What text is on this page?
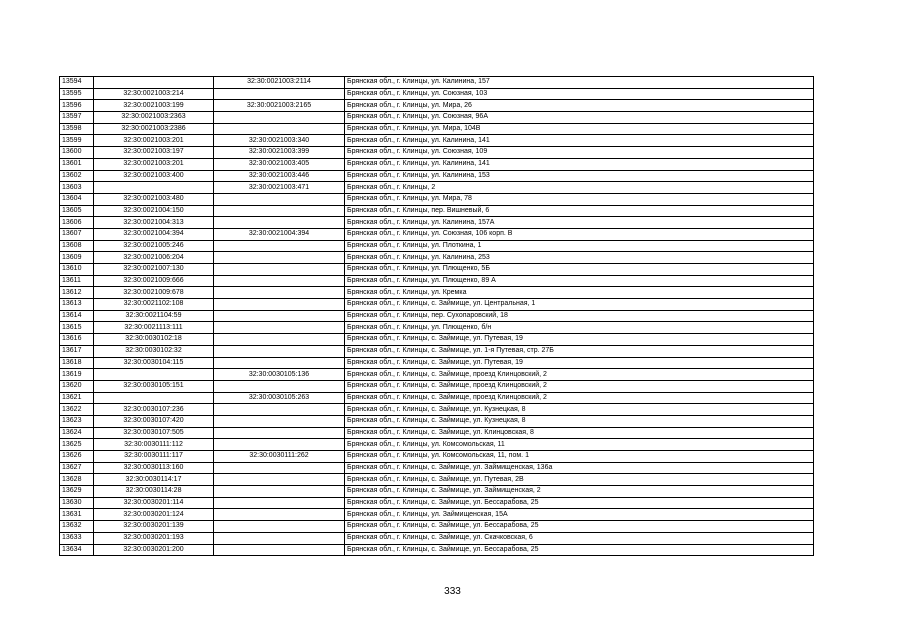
13594		32:30:0021003:2114	Брянская обл., г. Клинцы, ул. Калинина, 157
13595	32:30:0021003:214		Брянская обл., г. Клинцы, ул. Союзная, 103
13596	32:30:0021003:199	32:30:0021003:2165	Брянская обл., г. Клинцы, ул. Мира, 26
13597	32:30:0021003:2363		Брянская обл., г. Клинцы, ул. Союзная, 96А
13598	32:30:0021003:2386		Брянская обл., г. Клинцы, ул. Мира, 104В
13599	32:30:0021003:201	32:30:0021003:340	Брянская обл., г. Клинцы, ул. Калинина, 141
13600	32:30:0021003:197	32:30:0021003:399	Брянская обл., г. Клинцы, ул. Союзная, 109
13601	32:30:0021003:201	32:30:0021003:405	Брянская обл., г. Клинцы, ул. Калинина, 141
13602	32:30:0021003:400	32:30:0021003:446	Брянская обл., г. Клинцы, ул. Калинина, 153
13603		32:30:0021003:471	Брянская обл., г. Клинцы, 2
13604	32:30:0021003:480		Брянская обл., г. Клинцы, ул. Мира, 78
13605	32:30:0021004:150		Брянская обл., г. Клинцы, пер. Вишневый, 6
13606	32:30:0021004:313		Брянская обл., г. Клинцы, ул. Калинина, 157А
13607	32:30:0021004:394	32:30:0021004:394	Брянская обл., г. Клинцы, ул. Союзная, 106 корп. В
13608	32:30:0021005:246		Брянская обл., г. Клинцы, ул. Плоткина, 1
13609	32:30:0021006:204		Брянская обл., г. Клинцы, ул. Калинина, 253
13610	32:30:0021007:130		Брянская обл., г. Клинцы, ул. Плющенко, 5Б
13611	32:30:0021009:666		Брянская обл., г. Клинцы, ул. Плющенко, 89 А
13612	32:30:0021009:678		Брянская обл., г. Клинцы, ул. Кремка
13613	32:30:0021102:108		Брянская обл., г. Клинцы, с. Займище, ул. Центральная, 1
13614	32:30:0021104:59		Брянская обл., г. Клинцы, пер. Сухопаровский, 18
13615	32:30:0021113:111		Брянская обл., г. Клинцы, ул. Плющенко, б/н
13616	32:30:0030102:18		Брянская обл., г. Клинцы, с. Займище, ул. Путевая, 19
13617	32:30:0030102:32		Брянская обл., г. Клинцы, с. Займище, ул. 1-я Путевая, стр. 27Б
13618	32:30:0030104:115		Брянская обл., г. Клинцы, с. Займище, ул. Путевая, 19
13619		32:30:0030105:136	Брянская обл., г. Клинцы, с. Займище, проезд Клинцовский, 2
13620	32:30:0030105:151		Брянская обл., г. Клинцы, с. Займище, проезд Клинцовский, 2
13621		32:30:0030105:263	Брянская обл., г. Клинцы, с. Займище, проезд Клинцовский, 2
13622	32:30:0030107:236		Брянская обл., г. Клинцы, с. Займище, ул. Кузнецкая, 8
13623	32:30:0030107:420		Брянская обл., г. Клинцы, с. Займище, ул. Кузнецкая, 8
13624	32:30:0030107:505		Брянская обл., г. Клинцы, с. Займище, ул. Клинцовская, 8
13625	32:30:0030111:112		Брянская обл., г. Клинцы, ул. Комсомольская, 11
13626	32:30:0030111:117	32:30:0030111:262	Брянская обл., г. Клинцы, ул. Комсомольская, 11, пом. 1
13627	32:30:0030113:160		Брянская обл., г. Клинцы, с. Займище, ул. Займищенская, 136а
13628	32:30:0030114:17		Брянская обл., г. Клинцы, с. Займище, ул. Путевая, 2В
13629	32:30:0030114:28		Брянская обл., г. Клинцы, с. Займище, ул. Займищенская, 2
13630	32:30:0030201:114		Брянская обл., г. Клинцы, с. Займище, ул. Бессарабова, 25
13631	32:30:0030201:124		Брянская обл., г. Клинцы, ул. Займищенская, 15А
13632	32:30:0030201:139		Брянская обл., г. Клинцы, с. Займище, ул. Бессарабова, 25
13633	32:30:0030201:193		Брянская обл., г. Клинцы, с. Займище, ул. Скачковская, 6
13634	32:30:0030201:200		Брянская обл., г. Клинцы, с. Займище, ул. Бессарабова, 25
333
